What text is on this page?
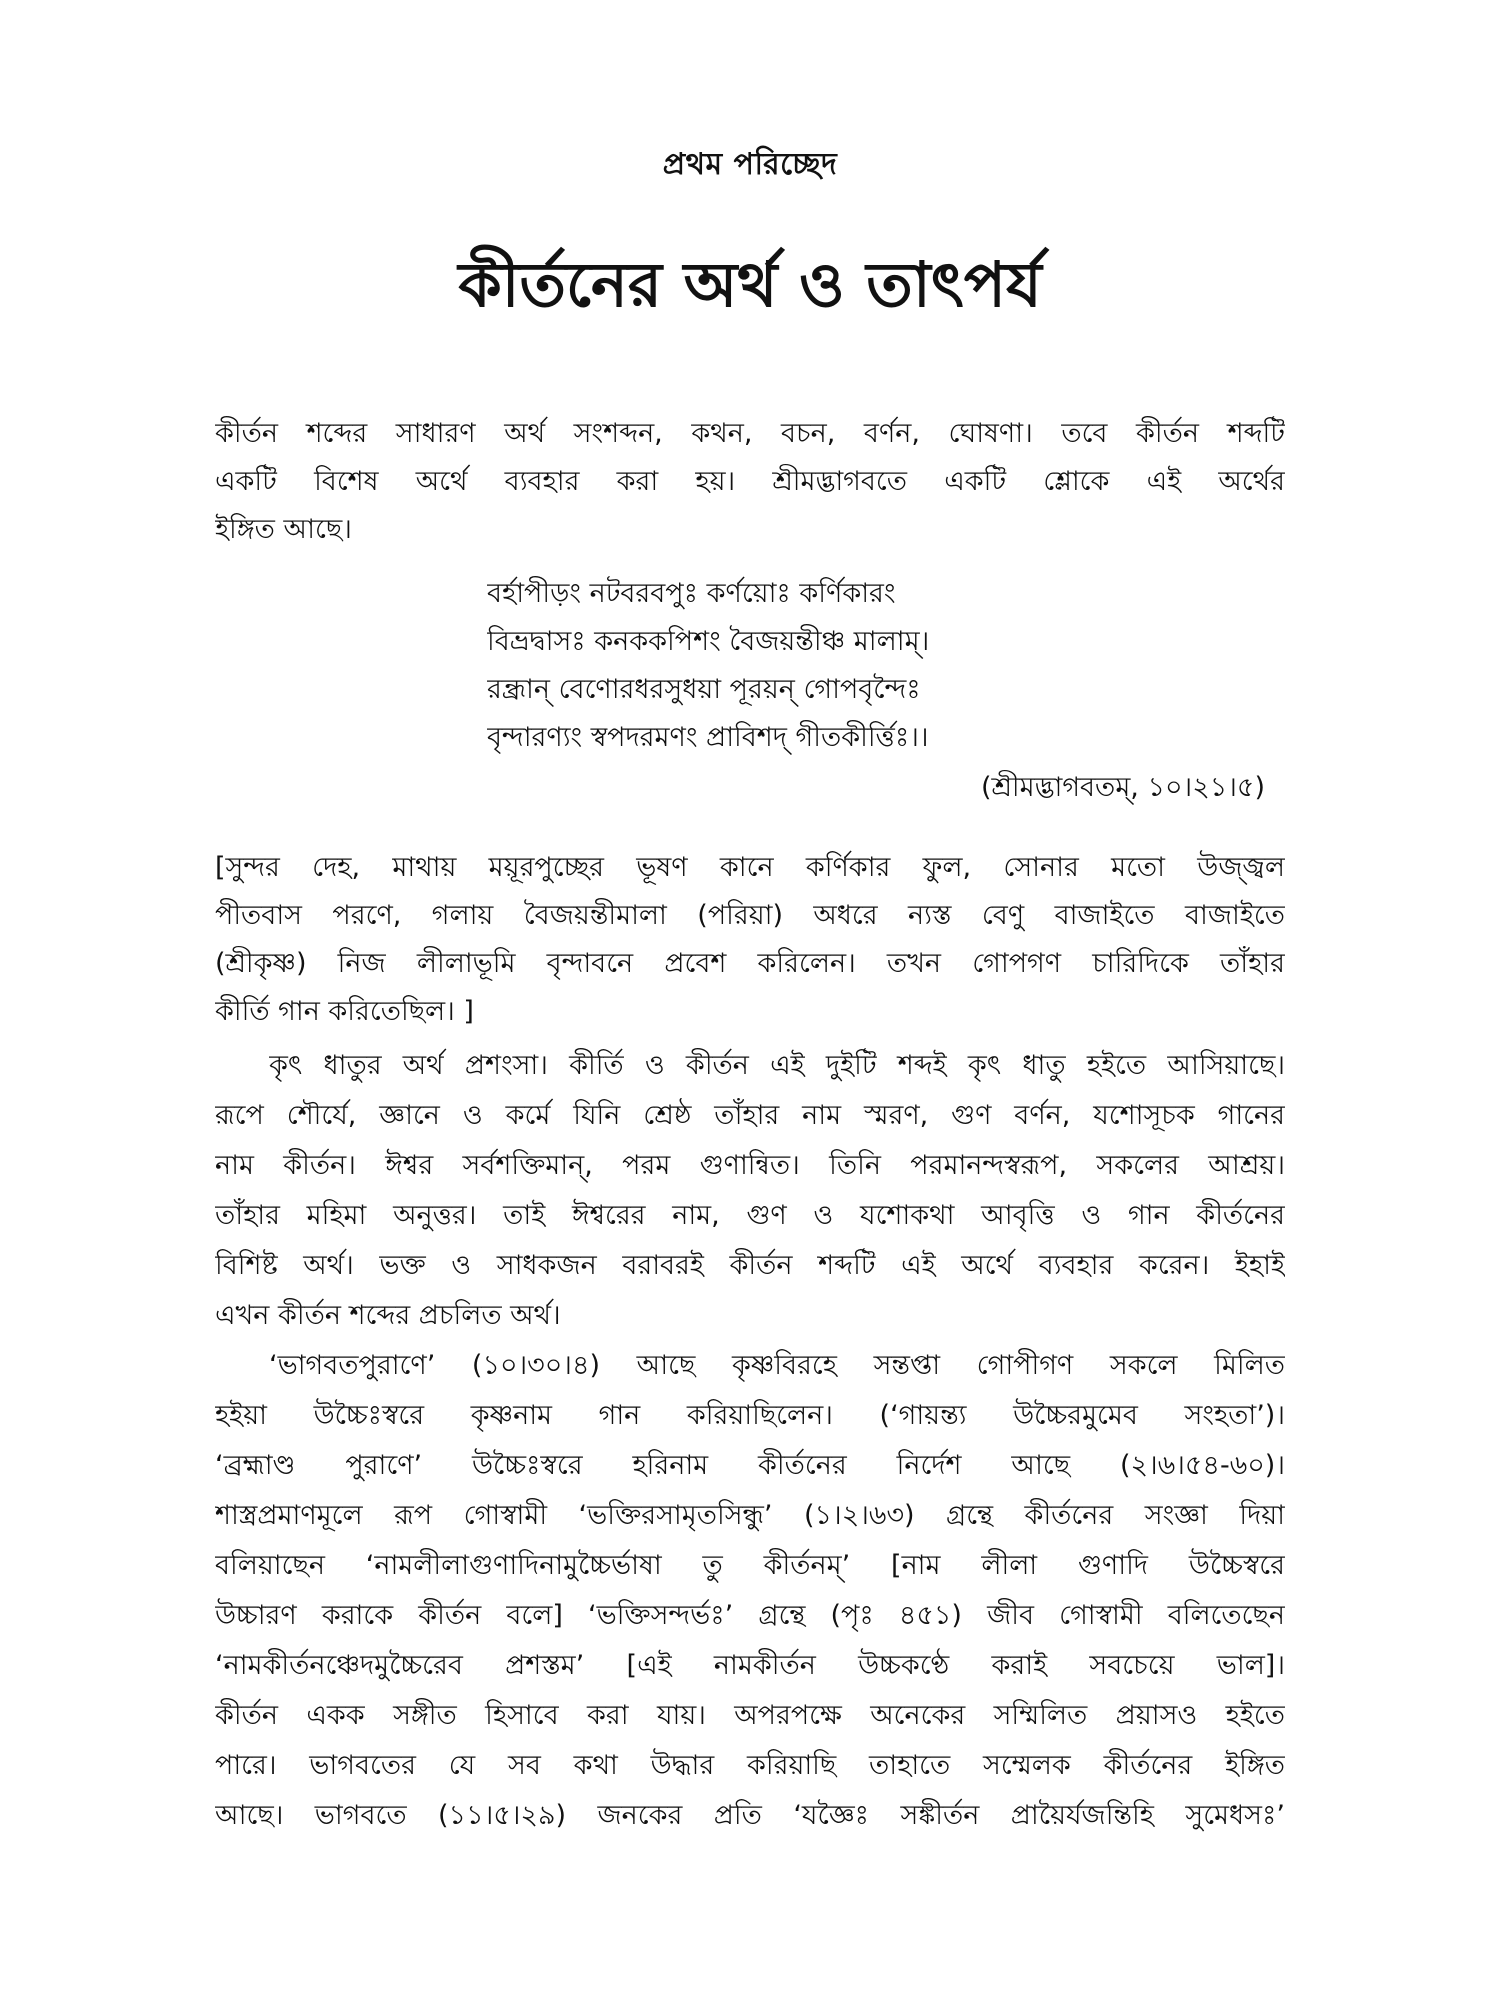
প্রথম পরিচ্ছেদ
কীর্তনের অর্থ ও তাৎপর্য
কীর্তন শব্দের সাধারণ অর্থ সংশব্দন, কথন, বচন, বর্ণন, ঘোষণা। তবে কীর্তন শব্দটি
একটি বিশেষ অর্থে ব্যবহার করা হয়। শ্রীমদ্ভাগবতে একটি শ্লোকে এই অর্থের
ইঙ্গিত আছে।
বর্হাপীড়ং নটবরবপুঃ কর্ণয়োঃ কর্ণিকারং
বিভ্রদ্বাসঃ কনককপিশং বৈজয়ন্তীঞ্চ মালাম্।
রন্ধ্রান্ বেণোরধরসুধয়া পূরয়ন্ গোপবৃন্দৈঃ
বৃন্দারণ্যং স্বপদরমণং প্রাবিশদ্ গীতকীর্ত্তিঃ।।
(শ্রীমদ্ভাগবতম্, ১০।২১।৫)
[সুন্দর দেহ, মাথায় ময়ূরপুচ্ছের ভূষণ কানে কর্ণিকার ফুল, সোনার মতো উজ্জ্বল
পীতবাস পরণে, গলায় বৈজয়ন্তীমালা (পরিয়া) অধরে ন্যস্ত বেণু বাজাইতে বাজাইতে
(শ্রীকৃষ্ণ) নিজ লীলাভূমি বৃন্দাবনে প্রবেশ করিলেন। তখন গোপগণ চারিদিকে তাঁহার
কীর্তি গান করিতেছিল। ]
কৃৎ ধাতুর অর্থ প্রশংসা। কীর্তি ও কীর্তন এই দুইটি শব্দই কৃৎ ধাতু হইতে আসিয়াছে।
রূপে শৌর্যে, জ্ঞানে ও কর্মে যিনি শ্রেষ্ঠ তাঁহার নাম স্মরণ, গুণ বর্ণন, যশোসূচক গানের
নাম কীর্তন। ঈশ্বর সর্বশক্তিমান্, পরম গুণান্বিত। তিনি পরমানন্দস্বরূপ, সকলের আশ্রয়।
তাঁহার মহিমা অনুত্তর। তাই ঈশ্বরের নাম, গুণ ও যশোকথা আবৃত্তি ও গান কীর্তনের
বিশিষ্ট অর্থ। ভক্ত ও সাধকজন বরাবরই কীর্তন শব্দটি এই অর্থে ব্যবহার করেন। ইহাই
এখন কীর্তন শব্দের প্রচলিত অর্থ।
‘ভাগবতপুরাণে’ (১০।৩০।৪) আছে কৃষ্ণবিরহে সন্তপ্তা গোপীগণ সকলে মিলিত
হইয়া উচ্চৈঃস্বরে কৃষ্ণনাম গান করিয়াছিলেন। (‘গায়ন্ত্য উচ্চৈরমুমেব সংহতা’)।
‘ব্রহ্মাণ্ড পুরাণে’ উচ্চৈঃস্বরে হরিনাম কীর্তনের নির্দেশ আছে (২।৬।৫৪-৬০)।
শাস্ত্রপ্রমাণমূলে রূপ গোস্বামী ‘ভক্তিরসামৃতসিন্ধু’ (১।২।৬৩) গ্রন্থে কীর্তনের সংজ্ঞা দিয়া
বলিয়াছেন ‘নামলীলাগুণাদিনামুচ্চৈর্ভাষা তু কীর্তনম্’ [নাম লীলা গুণাদি উচ্চৈস্বরে
উচ্চারণ করাকে কীর্তন বলে] ‘ভক্তিসন্দর্ভঃ’ গ্রন্থে (পৃঃ ৪৫১) জীব গোস্বামী বলিতেছেন
‘নামকীর্তনঞ্চেদমুচ্চৈরেব প্রশস্তম’ [এই নামকীর্তন উচ্চকণ্ঠে করাই সবচেয়ে ভাল]।
কীর্তন একক সঙ্গীত হিসাবে করা যায়। অপরপক্ষে অনেকের সম্মিলিত প্রয়াসও হইতে
পারে। ভাগবতের যে সব কথা উদ্ধার করিয়াছি তাহাতে সম্মেলক কীর্তনের ইঙ্গিত
আছে। ভাগবতে (১১।৫।২৯) জনকের প্রতি ‘যজ্ঞৈঃ সঙ্কীর্তন প্রায়ৈর্যজন্তিহি সুমেধসঃ’
